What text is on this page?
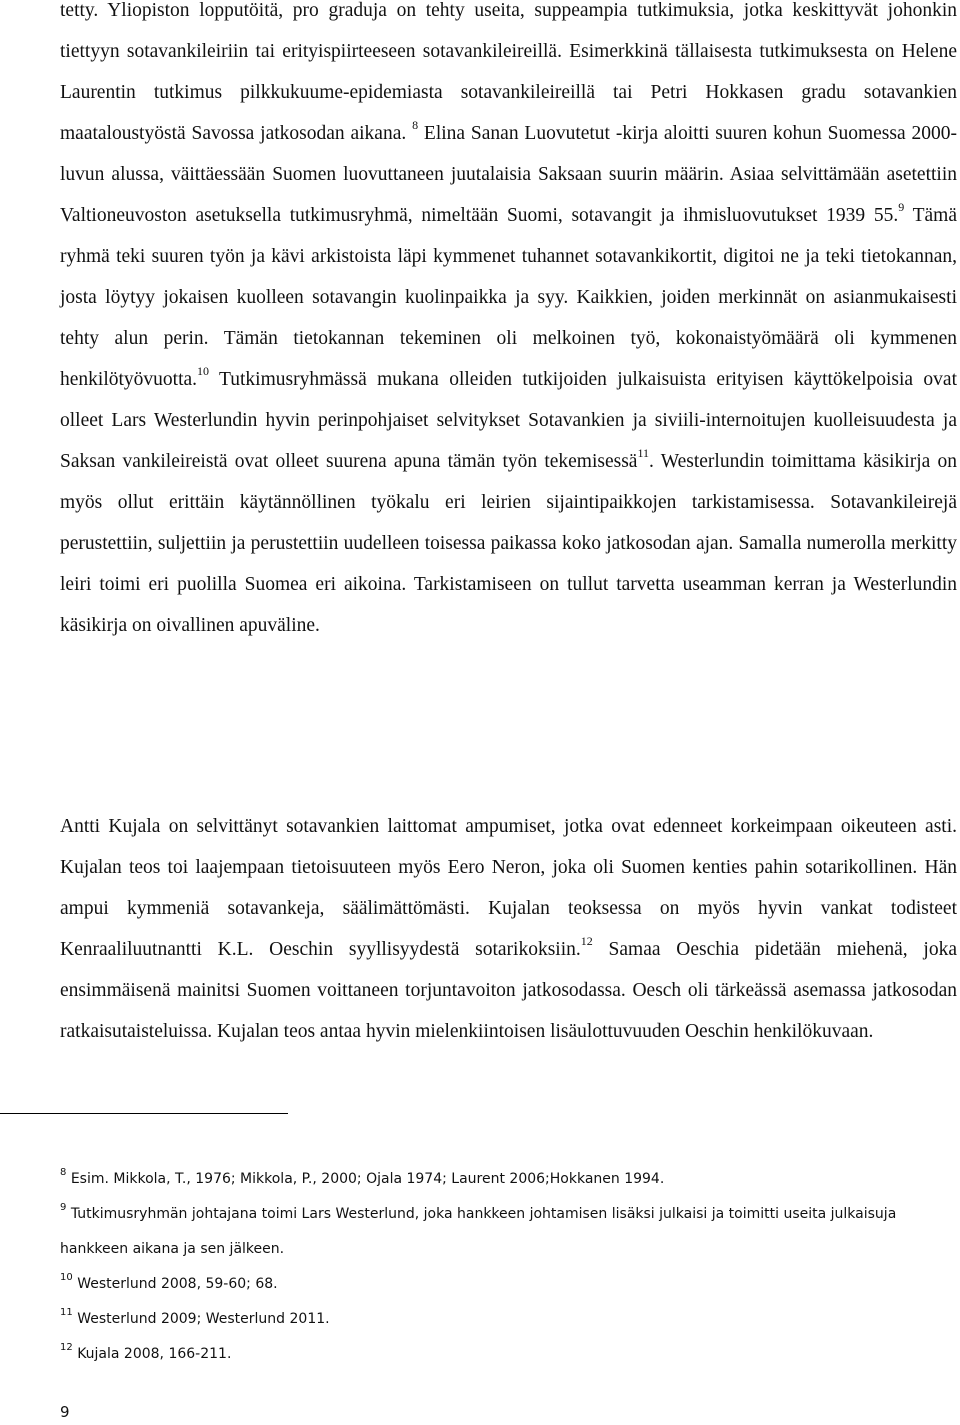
tetty. Yliopiston lopputöitä, pro graduja on tehty useita, suppeampia tutkimuksia, jotka keskittyvät johonkin tiettyyn sotavankileiriin tai erityispiirteeseen sotavankileireillä. Esimerkkinä tällaisesta tutkimuksesta on Helene Laurentin tutkimus pilkkukuume-epidemiasta sotavankileireillä tai Petri Hokkasen gradu sotavankien maataloustyöstä Savossa jatkosodan aikana. $^8$ Elina Sanan Luovutetut -kirja aloitti suuren kohun Suomessa 2000-luvun alussa, väittäessään Suomen luovuttaneen juutalaisia Saksaan suurin määrin. Asiaa selvittämään asetettiin Valtioneuvoston asetuksella tutkimusryhmä, nimeltään Suomi, sotavangit ja ihmisluovutukset 1939 55.$^9$ Tämä ryhmä teki suuren työn ja kävi arkistoista läpi kymmenet tuhannet sotavankikortit, digitoi ne ja teki tietokannan, josta löytyy jokaisen kuolleen sotavangin kuolinpaikka ja syy. Kaikkien, joiden merkinnät on asianmukaisesti tehty alun perin. Tämän tietokannan tekeminen oli melkoinen työ, kokonaistyömäärä oli kymmenen henkilötyövuotta.$^{10}$ Tutkimusryhmässä mukana olleiden tutkijoiden julkaisuista erityisen käyttökelpoisia ovat olleet Lars Westerlundin hyvin perinpohjaiset selvitykset Sotavankien ja siviili-internoitujen kuolleisuudesta ja Saksan vankileireistä ovat olleet suurena apuna tämän työn tekemisessä$^{11}$. Westerlundin toimittama käsikirja on myös ollut erittäin käytännöllinen työkalu eri leirien sijaintipaikkojen tarkistamisessa. Sotavankileirejä perustettiin, suljettiin ja perustettiin uudelleen toisessa paikassa koko jatkosodan ajan. Samalla numerolla merkitty leiri toimi eri puolilla Suomea eri aikoina. Tarkistamiseen on tullut tarvetta useamman kerran ja Westerlundin käsikirja on oivallinen apuväline.

Antti Kujala on selvittänyt sotavankien laittomat ampumiset, jotka ovat edenneet korkeimpaan oikeuteen asti. Kujalan teos toi laajempaan tietoisuuteen myös Eero Neron, joka oli Suomen kenties pahin sotarikollinen. Hän ampui kymmeniä sotavankeja, säälimättömästi. Kujalan teoksessa on myös hyvin vankat todisteet Kenraaliluutnantti K.L. Oeschin syyllisyydestä sotarikoksiin.$^{12}$ Samaa Oeschia pidetään miehenä, joka ensimmäisenä mainitsi Suomen voittaneen torjuntavoiton jatkosodassa. Oesch oli tärkeässä asemassa jatkosodan ratkaisutaisteluissa. Kujalan teos antaa hyvin mielenkiintoisen lisäulottuvuuden Oeschin henkilökuvaan.

$^8$ Esim. Mikkola, T., 1976; Mikkola, P., 2000; Ojala 1974; Laurent 2006;Hokkanen 1994.

$^9$ Tutkimusryhmän johtajana toimi Lars Westerlund, joka hankkeen johtamisen lisäksi julkaisi ja toimitti useita julkaisuja hankkeen aikana ja sen jälkeen.

$^{10}$ Westerlund 2008, 59-60; 68.

$^{11}$ Westerlund 2009; Westerlund 2011.

$^{12}$ Kujala 2008, 166-211.

9
